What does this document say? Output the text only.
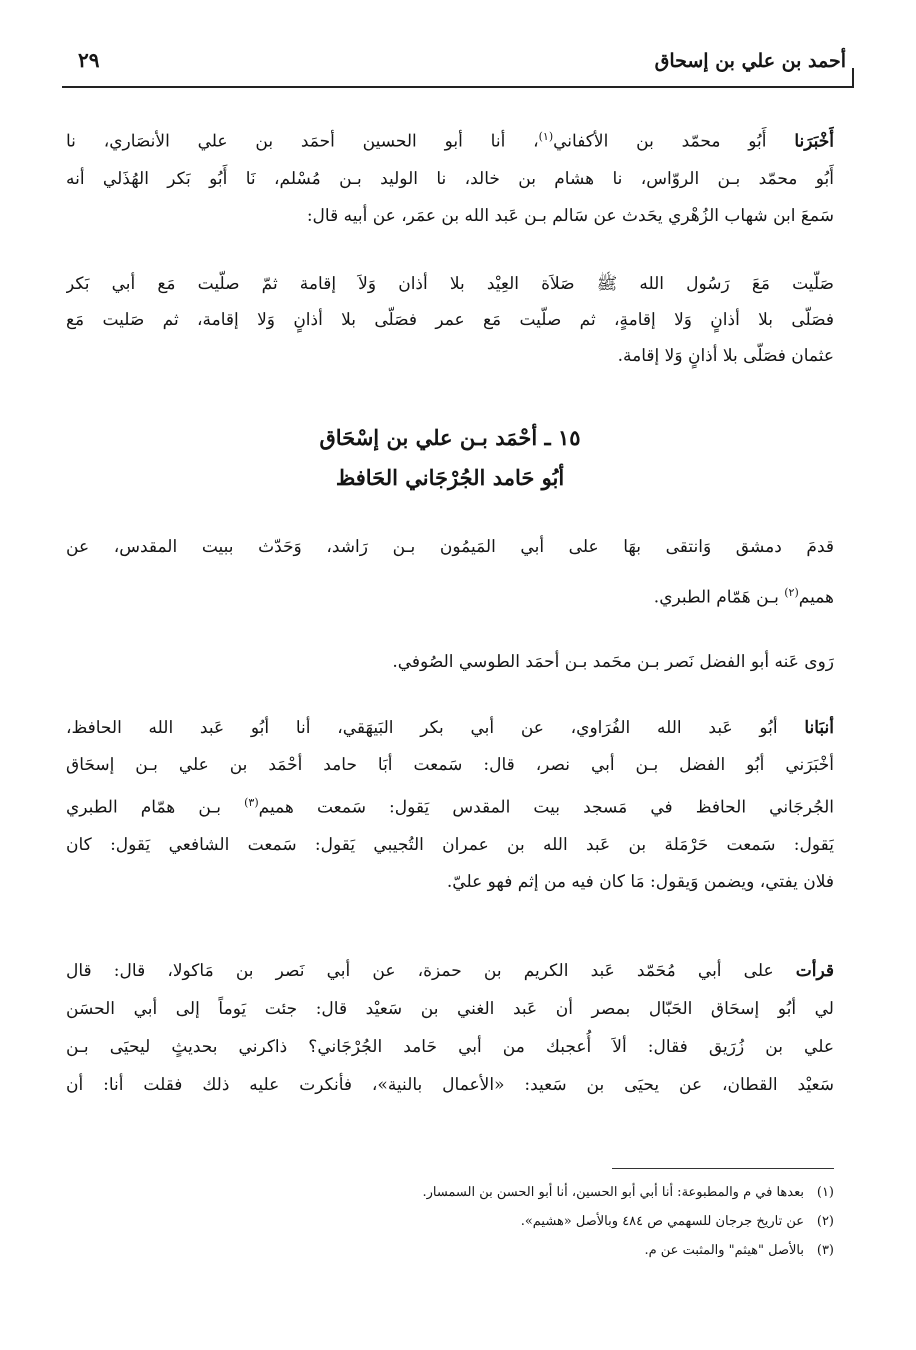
أحمد بن علي بن إسحاق
٢٩
أَخْبَرَنا أَبُو محمّد بن الأكفاني$^{(١)}$، أنا أبو الحسين أحمَد بن علي الأنصَاري، نا
أَبُو محمّد بـن الروّاس، نا هشام بن خالد، نا الوليد بـن مُسْلم، نَا أَبُو بَكر الهُذَلي أنه
سَمعَ ابن شهاب الزُهْري يحَدث عن سَالم بـن عَبد الله بن عمَر، عن أبيه قال:
صَلّيت مَعَ رَسُول الله ﷺ صَلاَة العِيْد بلا أذان وَلاَ إقامة ثمّ صلّيت مَع أبي بَكر
فصَلّى بلا أذانٍ وَلا إقامةٍ، ثم صلّيت مَع عمر فصَلّى بلا أذانٍ وَلا إقامة، ثم صَليت مَع
عثمان فصَلّى بلا أذانٍ وَلا إقامة.
١٥ ـ أحْمَد بـن علي بن إسْحَاق
أبُو حَامد الجُرْجَاني الحَافظ
قدمَ دمشق وَانتقى بهَا على أبي المَيمُون بـن رَاشد، وَحَدّث ببيت المقدس، عن
هميم$^{(٢)}$ بـن هَمّام الطبري.
رَوى عَنه أبو الفضل نَصر بـن محَمد بـن أحمَد الطوسي الصُوفي.
أنبَانا أبُو عَبد الله الفُرَاوي، عن أبي بكر البَيهَقي، أنا أبُو عَبد الله الحافظ،
أخْبَرَني أبُو الفضل بـن أبي نصر، قال: سَمعت أبَا حامد أحْمَد بن علي بـن إسحَاق
الجُرجَاني الحافظ في مَسجد بيت المقدس يَقول: سَمعت هميم$^{(٣)}$ بـن همّام الطبري
يَقول: سَمعت حَرْمَلة بن عَبد الله بن عمران التُجيبي يَقول: سَمعت الشافعي يَقول: كان
فلان يفتي، ويضمن وَيقول: مَا كان فيه من إثم فهو عليّ.
قرأت على أبي مُحَمّد عَبد الكريم بن حمزة، عن أبي نَصر بن مَاكولا، قال: قال
لي أبُو إسحَاق الحَبّال بمصر أن عَبد الغني بن سَعيْد قال: جئت يَوماً إلى أبي الحسَن
علي بن زُرَيق فقال: ألاَ أُعجبك من أبي حَامد الجُرْجَاني؟ ذاكرني بحديثٍ ليحيَى بـن
سَعيْد القطان، عن يحيَى بن سَعيد: «الأعمال بالنية»، فأنكرت عليه ذلك فقلت أنا: أن
(١)بعدها في م والمطبوعة: أنا أبي أبو الحسين، أنا أبو الحسن بن السمسار.
(٢)عن تاريخ جرجان للسهمي ص ٤٨٤ وبالأصل «هشيم».
(٣)بالأصل "هيثم" والمثبت عن م.
